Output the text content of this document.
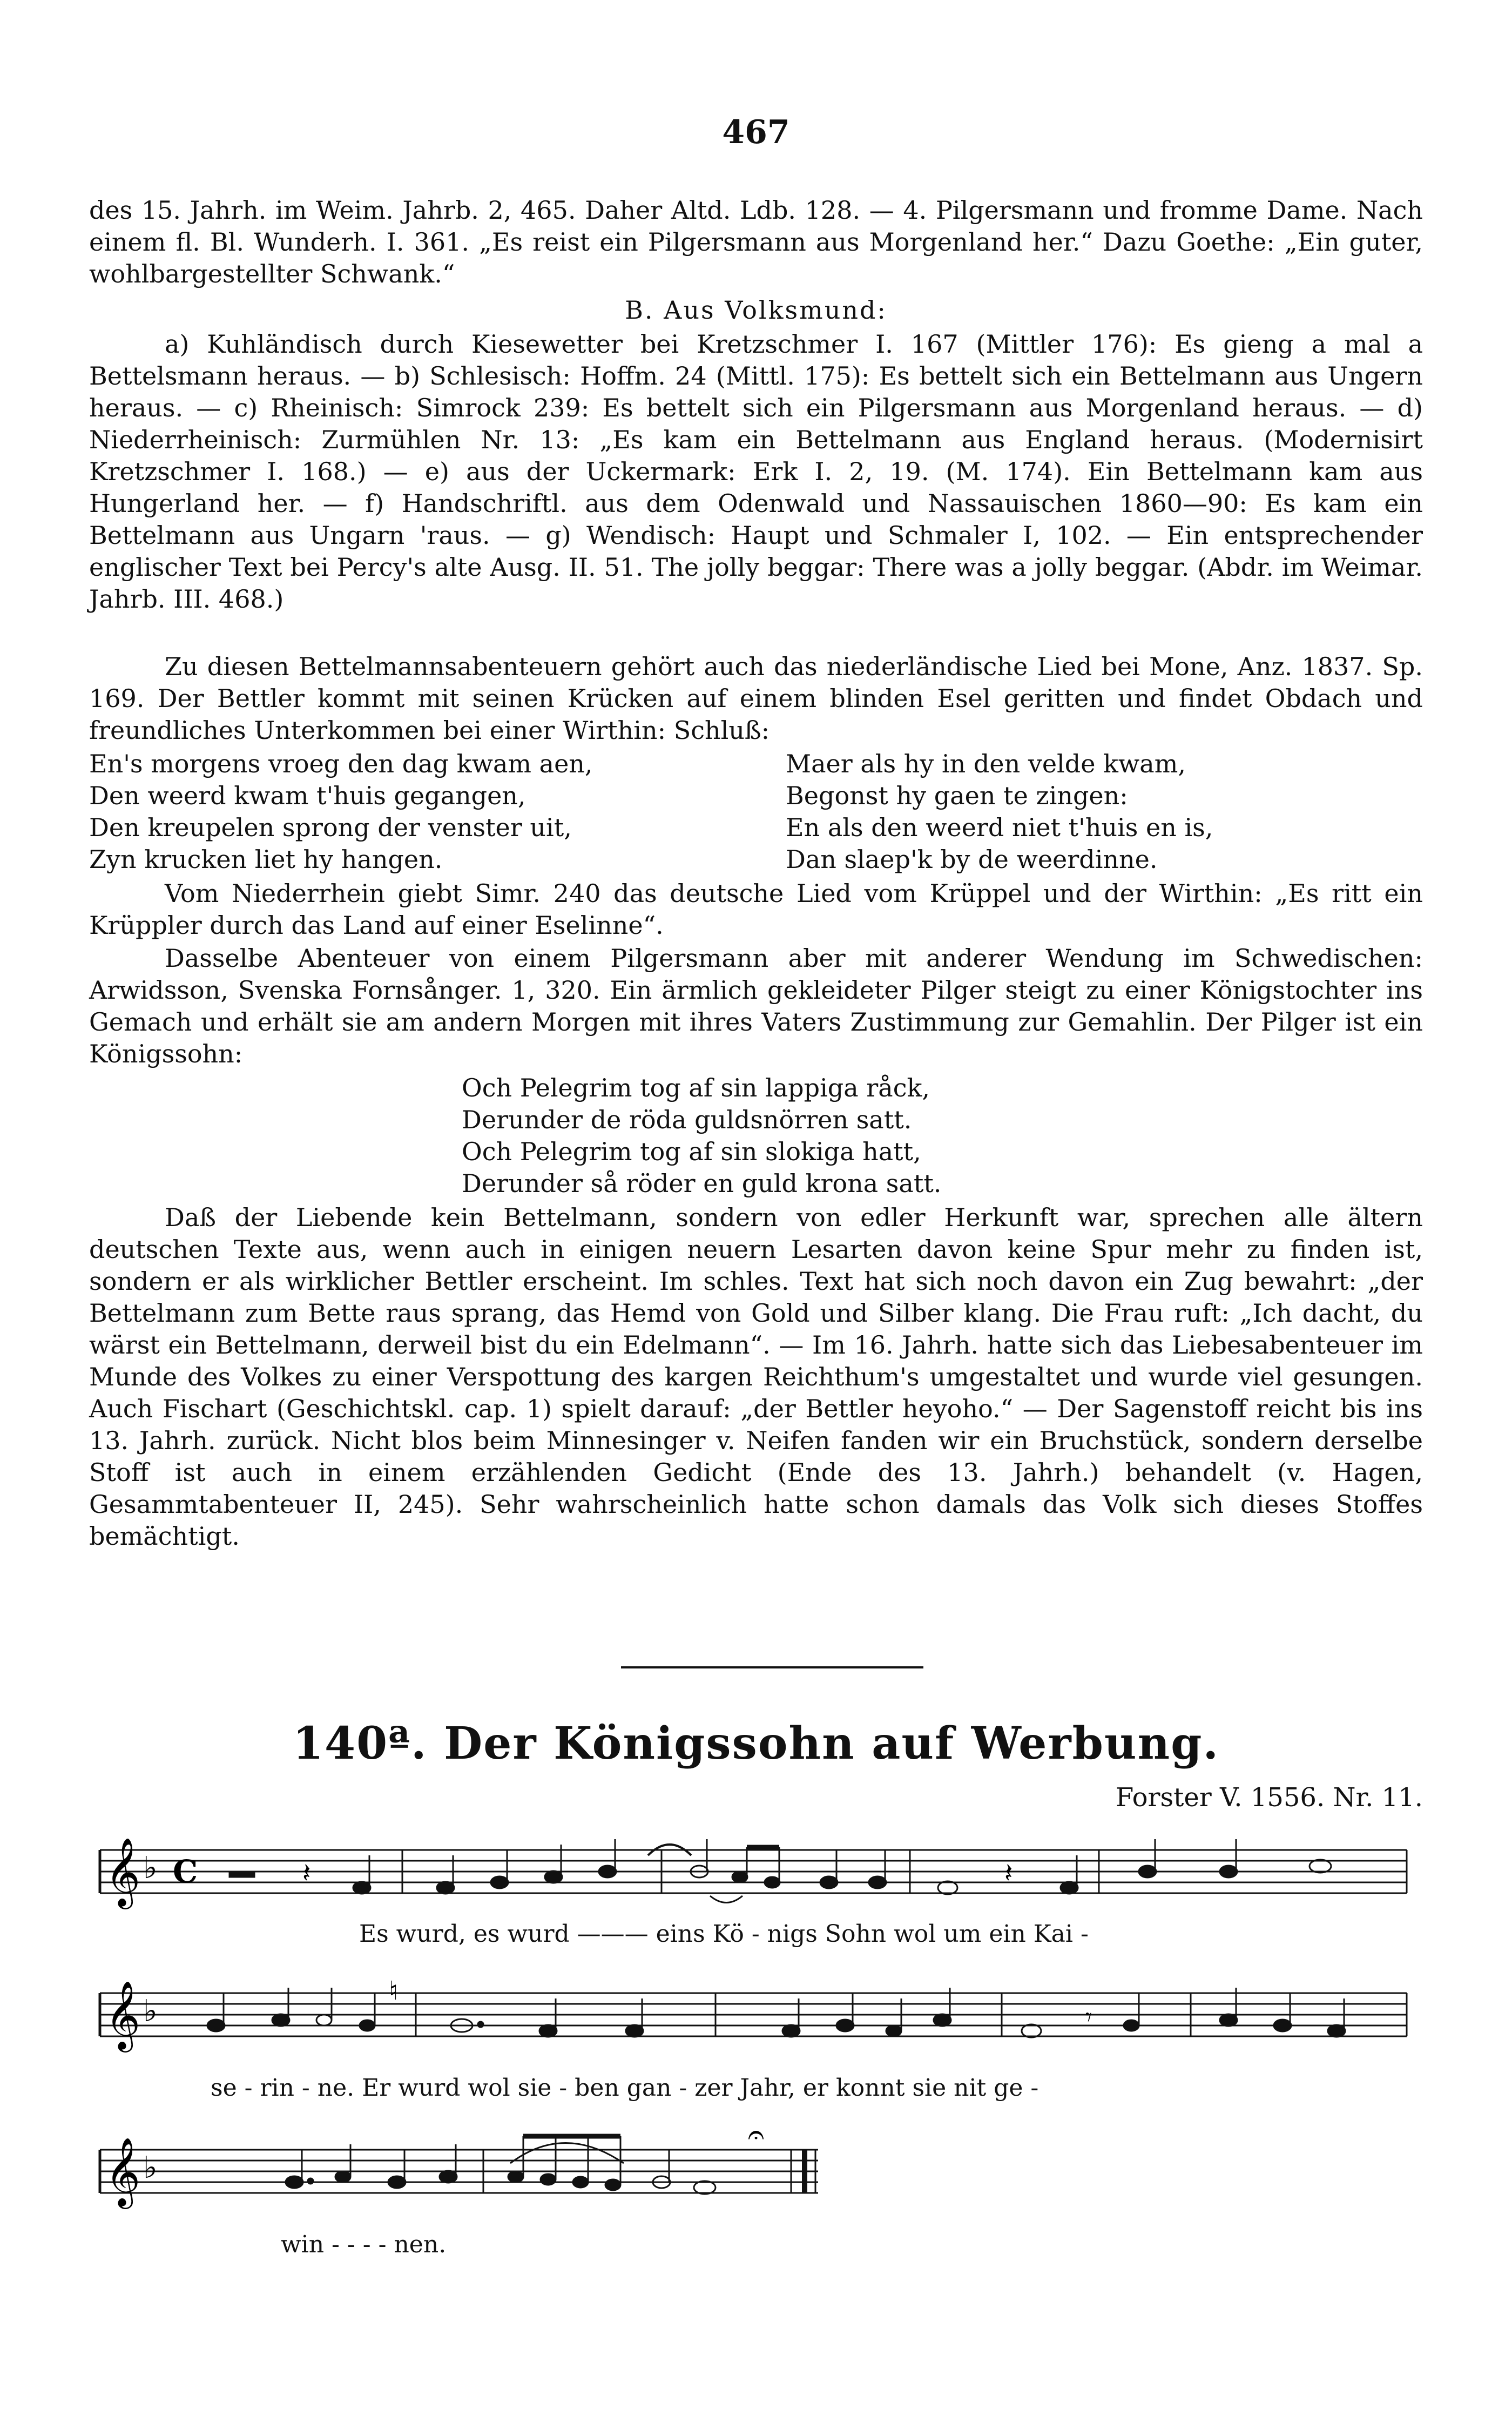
467

des 15. Jahrh. im Weim. Jahrb. 2, 465. Daher Altd. Ldb. 128. — 4. Pilgersmann und fromme Dame. Nach einem fl. Bl. Wunderh. I. 361. „Es reist ein Pilgersmann aus Morgenland her.“ Dazu Goethe: „Ein guter, wohlbargestellter Schwank.“

B. Aus Volksmund:

a) Kuhländisch durch Kiesewetter bei Kretzschmer I. 167 (Mittler 176): Es gieng a mal a Bettelsmann heraus. — b) Schlesisch: Hoffm. 24 (Mittl. 175): Es bettelt sich ein Bettelmann aus Ungern heraus. — c) Rheinisch: Simrock 239: Es bettelt sich ein Pilgersmann aus Morgenland heraus. — d) Niederrheinisch: Zurmühlen Nr. 13: „Es kam ein Bettelmann aus England heraus. (Modernisirt Kretzschmer I. 168.) — e) aus der Uckermark: Erk I. 2, 19. (M. 174). Ein Bettelmann kam aus Hungerland her. — f) Handschriftl. aus dem Odenwald und Nassauischen 1860—90: Es kam ein Bettelmann aus Ungarn 'raus. — g) Wendisch: Haupt und Schmaler I, 102. — Ein entsprechender englischer Text bei Percy's alte Ausg. II. 51. The jolly beggar: There was a jolly beggar. (Abdr. im Weimar. Jahrb. III. 468.)

Zu diesen Bettelmannsabenteuern gehört auch das niederländische Lied bei Mone, Anz. 1837. Sp. 169. Der Bettler kommt mit seinen Krücken auf einem blinden Esel geritten und findet Obdach und freundliches Unterkommen bei einer Wirthin: Schluß:

En's morgens vroeg den dag kwam aen,
Den weerd kwam t'huis gegangen,
Den kreupelen sprong der venster uit,
Zyn krucken liet hy hangen.
Maer als hy in den velde kwam,
Begonst hy gaen te zingen:
En als den weerd niet t'huis en is,
Dan slaep'k by de weerdinne.

Vom Niederrhein giebt Simr. 240 das deutsche Lied vom Krüppel und der Wirthin: „Es ritt ein Krüppler durch das Land auf einer Eselinne“.

Dasselbe Abenteuer von einem Pilgersmann aber mit anderer Wendung im Schwedischen: Arwidsson, Svenska Fornsånger. 1, 320. Ein ärmlich gekleideter Pilger steigt zu einer Königstochter ins Gemach und erhält sie am andern Morgen mit ihres Vaters Zustimmung zur Gemahlin. Der Pilger ist ein Königssohn:

Och Pelegrim tog af sin lappiga råck,
Derunder de röda guldsnörren satt.
Och Pelegrim tog af sin slokiga hatt,
Derunder så röder en guld krona satt.

Daß der Liebende kein Bettelmann, sondern von edler Herkunft war, sprechen alle ältern deutschen Texte aus, wenn auch in einigen neuern Lesarten davon keine Spur mehr zu finden ist, sondern er als wirklicher Bettler erscheint. Im schles. Text hat sich noch davon ein Zug bewahrt: „der Bettelmann zum Bette raus sprang, das Hemd von Gold und Silber klang. Die Frau ruft: „Ich dacht, du wärst ein Bettelmann, derweil bist du ein Edelmann“. — Im 16. Jahrh. hatte sich das Liebesabenteuer im Munde des Volkes zu einer Verspottung des kargen Reichthum's umgestaltet und wurde viel gesungen. Auch Fischart (Geschichtskl. cap. 1) spielt darauf: „der Bettler heyoho.“ — Der Sagenstoff reicht bis ins 13. Jahrh. zurück. Nicht blos beim Minnesinger v. Neifen fanden wir ein Bruchstück, sondern derselbe Stoff ist auch in einem erzählenden Gedicht (Ende des 13. Jahrh.) behandelt (v. Hagen, Gesammtabenteuer II, 245). Sehr wahrscheinlich hatte schon damals das Volk sich dieses Stoffes bemächtigt.

140ª. Der Königssohn auf Werbung.
Forster V. 1556. Nr. 11.
𝄞 ♭ C	𝄽	𝄽
Es wurd, es wurd ——— eins Kö - nigs Sohn wol um ein Kai -
𝄞 ♭
♮
𝄾
se - rin - ne. Er wurd wol sie - ben gan - zer Jahr, er konnt sie nit ge -
𝄞 ♭
𝄐
win - - - - nen.
